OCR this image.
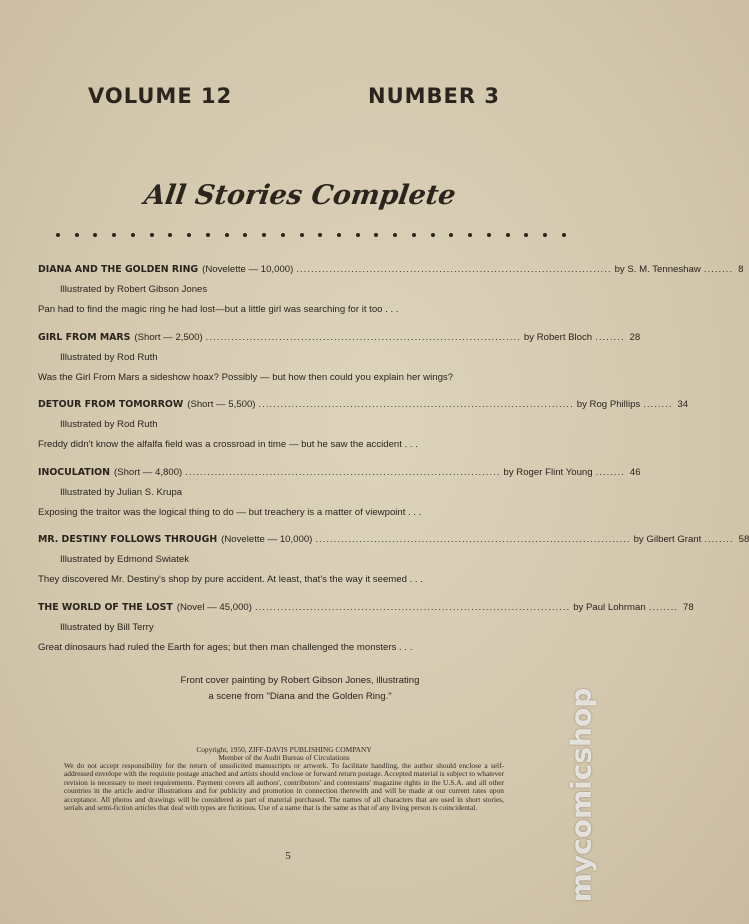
VOLUME 12	NUMBER 3
All Stories Complete
DIANA AND THE GOLDEN RING (Novelette — 10,000) ...................................................................................... by S. M. Tenneshaw ........ 8
Illustrated by Robert Gibson Jones
Pan had to find the magic ring he had lost—but a little girl was searching for it too . . .
GIRL FROM MARS (Short — 2,500) ...................................................................................... by Robert Bloch ........ 28
Illustrated by Rod Ruth
Was the Girl From Mars a sideshow hoax? Possibly — but how then could you explain her wings?
DETOUR FROM TOMORROW (Short — 5,500) ...................................................................................... by Rog Phillips ........ 34
Illustrated by Rod Ruth
Freddy didn't know the alfalfa field was a crossroad in time — but he saw the accident . . .
INOCULATION (Short — 4,800) ...................................................................................... by Roger Flint Young ........ 46
Illustrated by Julian S. Krupa
Exposing the traitor was the logical thing to do — but treachery is a matter of viewpoint . . .
MR. DESTINY FOLLOWS THROUGH (Novelette — 10,000) ...................................................................................... by Gilbert Grant ........ 58
Illustrated by Edmond Swiatek
They discovered Mr. Destiny's shop by pure accident. At least, that's the way it seemed . . .
THE WORLD OF THE LOST (Novel — 45,000) ...................................................................................... by Paul Lohrman ........ 78
Illustrated by Bill Terry
Great dinosaurs had ruled the Earth for ages; but then man challenged the monsters . . .
Front cover painting by Robert Gibson Jones, illustrating
a scene from "Diana and the Golden Ring."
Copyright, 1950, ZIFF-DAVIS PUBLISHING COMPANY
Member of the Audit Bureau of Circulations
We do not accept responsibility for the return of unsolicited manuscripts or artwork. To facilitate handling, the author should enclose a self-addressed envelope with the requisite postage attached and artists should enclose or forward return postage. Accepted material is subject to whatever revision is necessary to meet requirements. Payment covers all authors', contributors' and contestants' magazine rights in the U.S.A. and all other countries in the article and/or illustrations and for publicity and promotion in connection therewith and will be made at our current rates upon acceptance. All photos and drawings will be considered as part of material purchased. The names of all characters that are used in short stories, serials and semi-fiction articles that deal with types are fictitious. Use of a name that is the same as that of any living person is coincidental.
5	mycomicshop
